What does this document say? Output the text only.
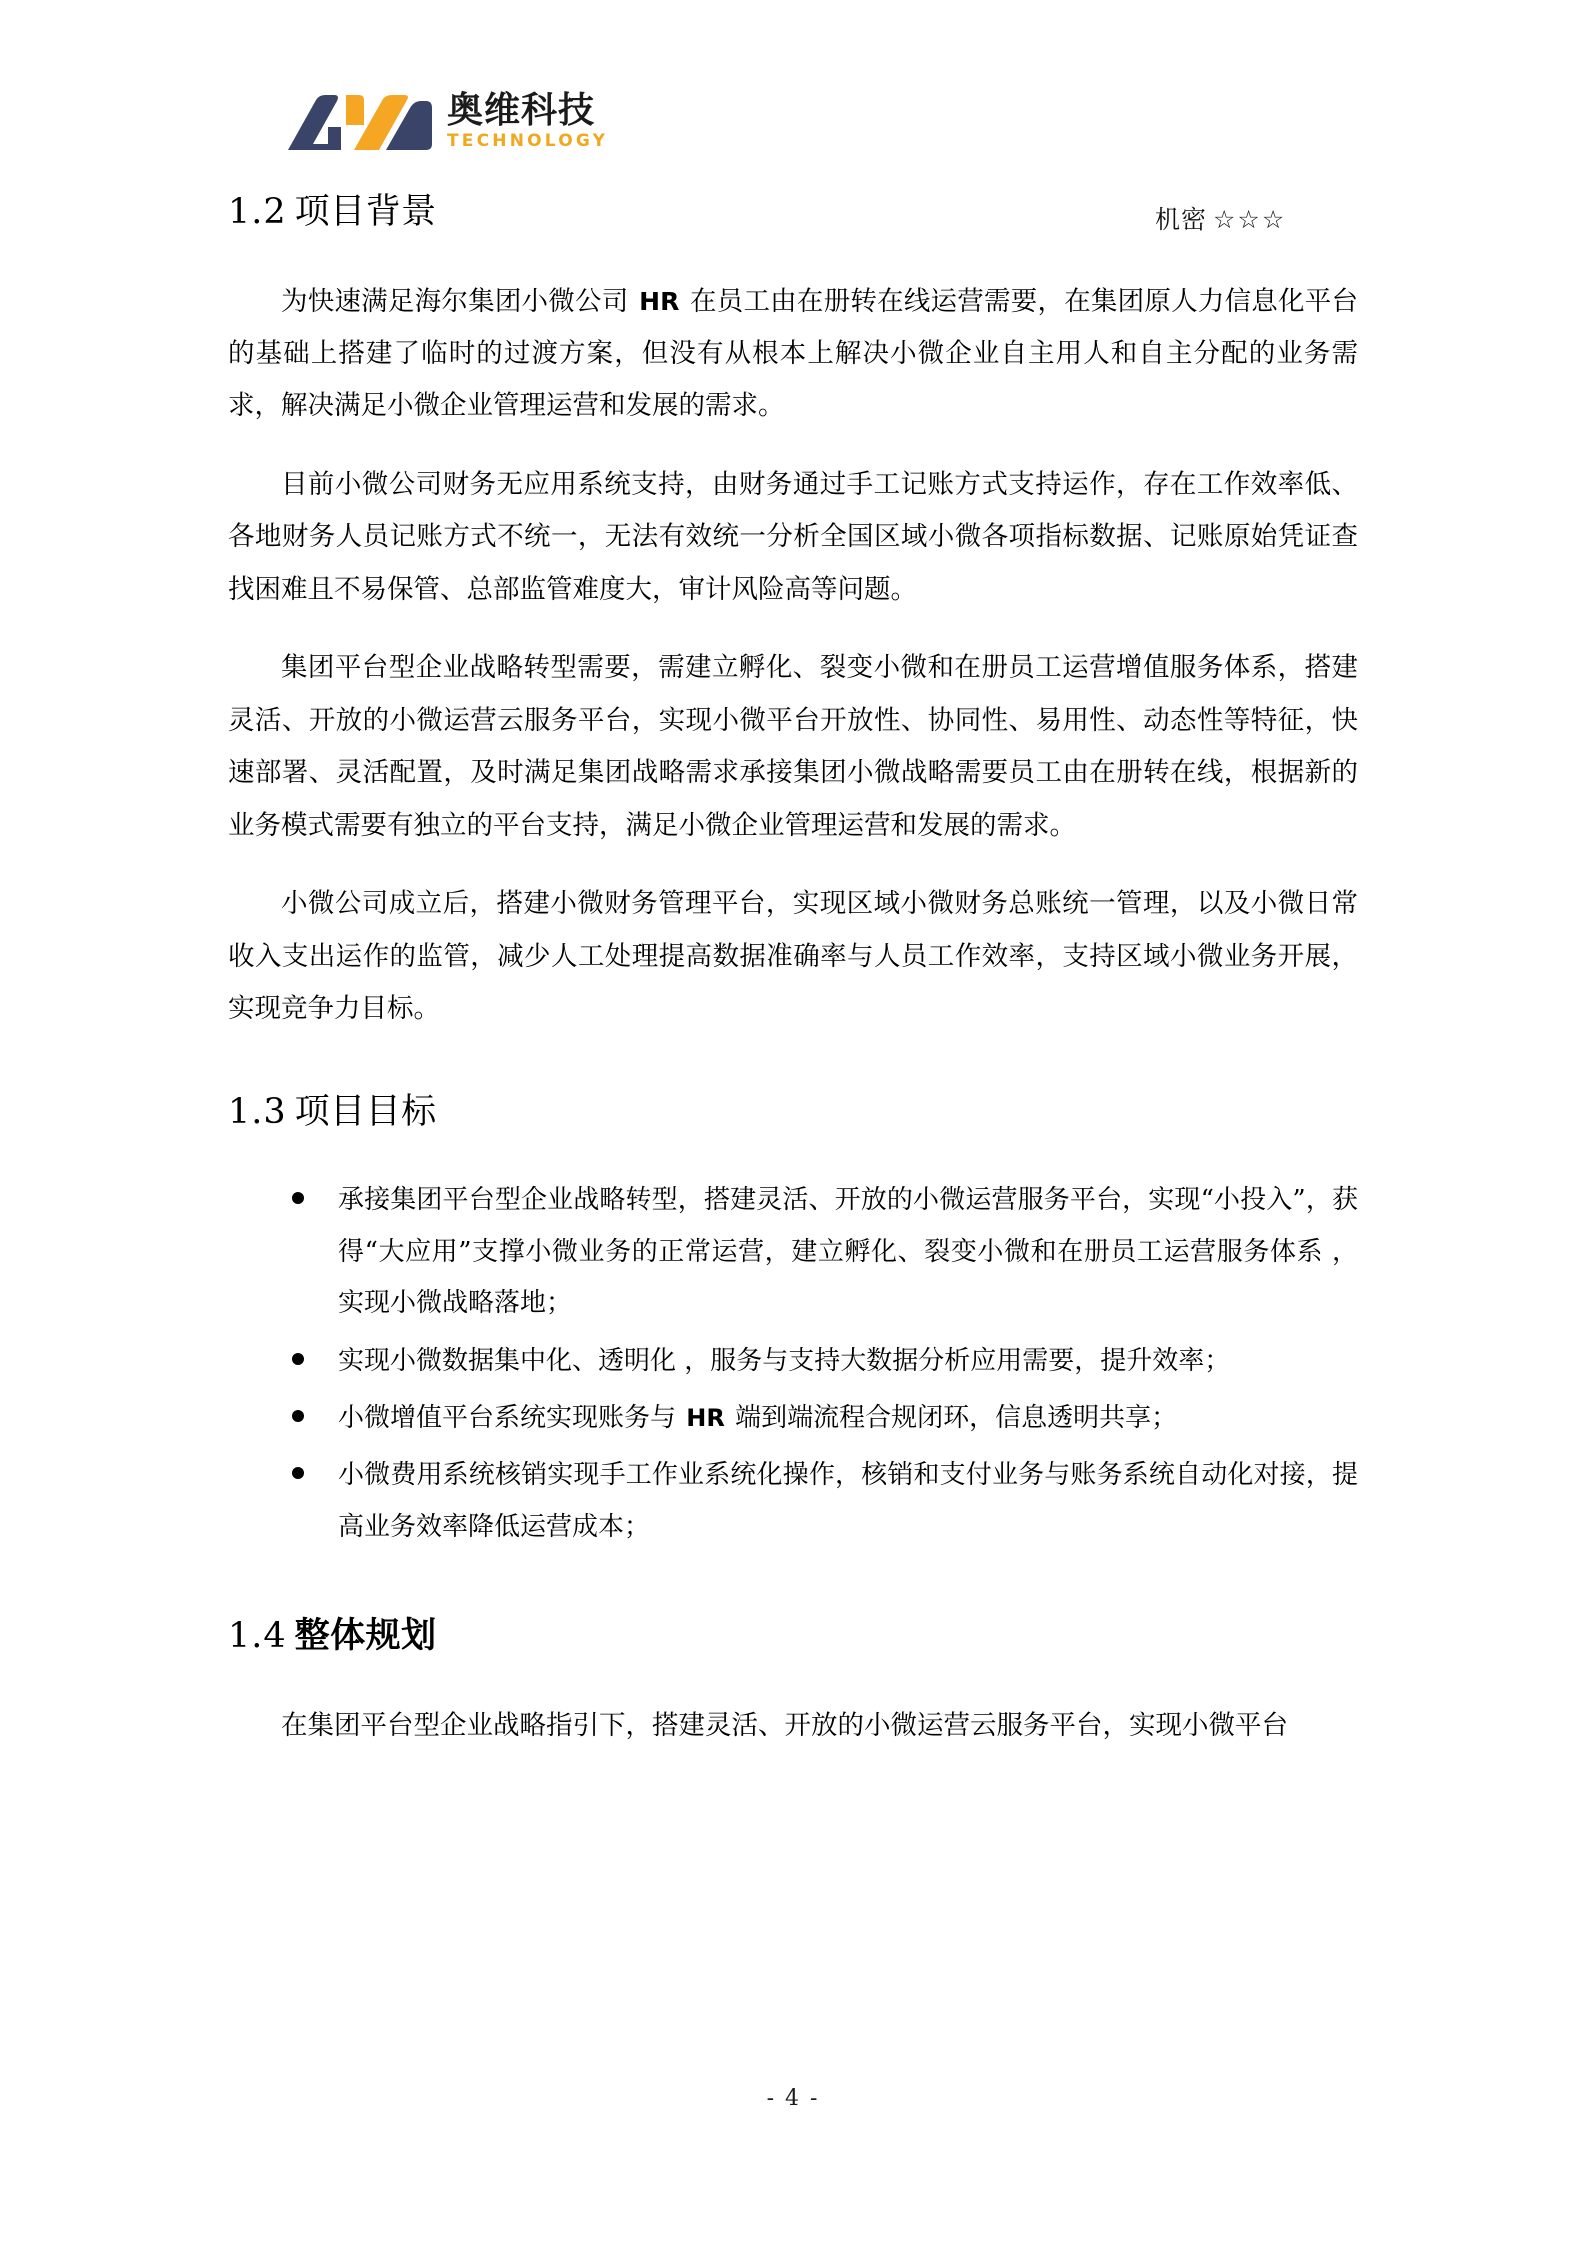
奥维科技
TECHNOLOGY
机密 ☆☆☆
1.2 项目背景

为快速满足海尔集团小微公司 HR 在员工由在册转在线运营需要，在集团原人力信息化平台的基础上搭建了临时的过渡方案，但没有从根本上解决小微企业自主用人和自主分配的业务需求，解决满足小微企业管理运营和发展的需求。

目前小微公司财务无应用系统支持，由财务通过手工记账方式支持运作，存在工作效率低、各地财务人员记账方式不统一，无法有效统一分析全国区域小微各项指标数据、记账原始凭证查找困难且不易保管、总部监管难度大，审计风险高等问题。

集团平台型企业战略转型需要，需建立孵化、裂变小微和在册员工运营增值服务体系，搭建灵活、开放的小微运营云服务平台，实现小微平台开放性、协同性、易用性、动态性等特征，快速部署、灵活配置，及时满足集团战略需求承接集团小微战略需要员工由在册转在线，根据新的业务模式需要有独立的平台支持，满足小微企业管理运营和发展的需求。

小微公司成立后，搭建小微财务管理平台，实现区域小微财务总账统一管理，以及小微日常收入支出运作的监管，减少人工处理提高数据准确率与人员工作效率，支持区域小微业务开展，实现竞争力目标。

1.3 项目目标
承接集团平台型企业战略转型，搭建灵活、开放的小微运营服务平台，实现“小投入”，获得“大应用”支撑小微业务的正常运营，建立孵化、裂变小微和在册员工运营服务体系 ，实现小微战略落地；
实现小微数据集中化、透明化 ，服务与支持大数据分析应用需要，提升效率；
小微增值平台系统实现账务与 HR 端到端流程合规闭环，信息透明共享；
小微费用系统核销实现手工作业系统化操作，核销和支付业务与账务系统自动化对接，提高业务效率降低运营成本；
1.4 整体规划

在集团平台型企业战略指引下，搭建灵活、开放的小微运营云服务平台，实现小微平台

- 4 -
